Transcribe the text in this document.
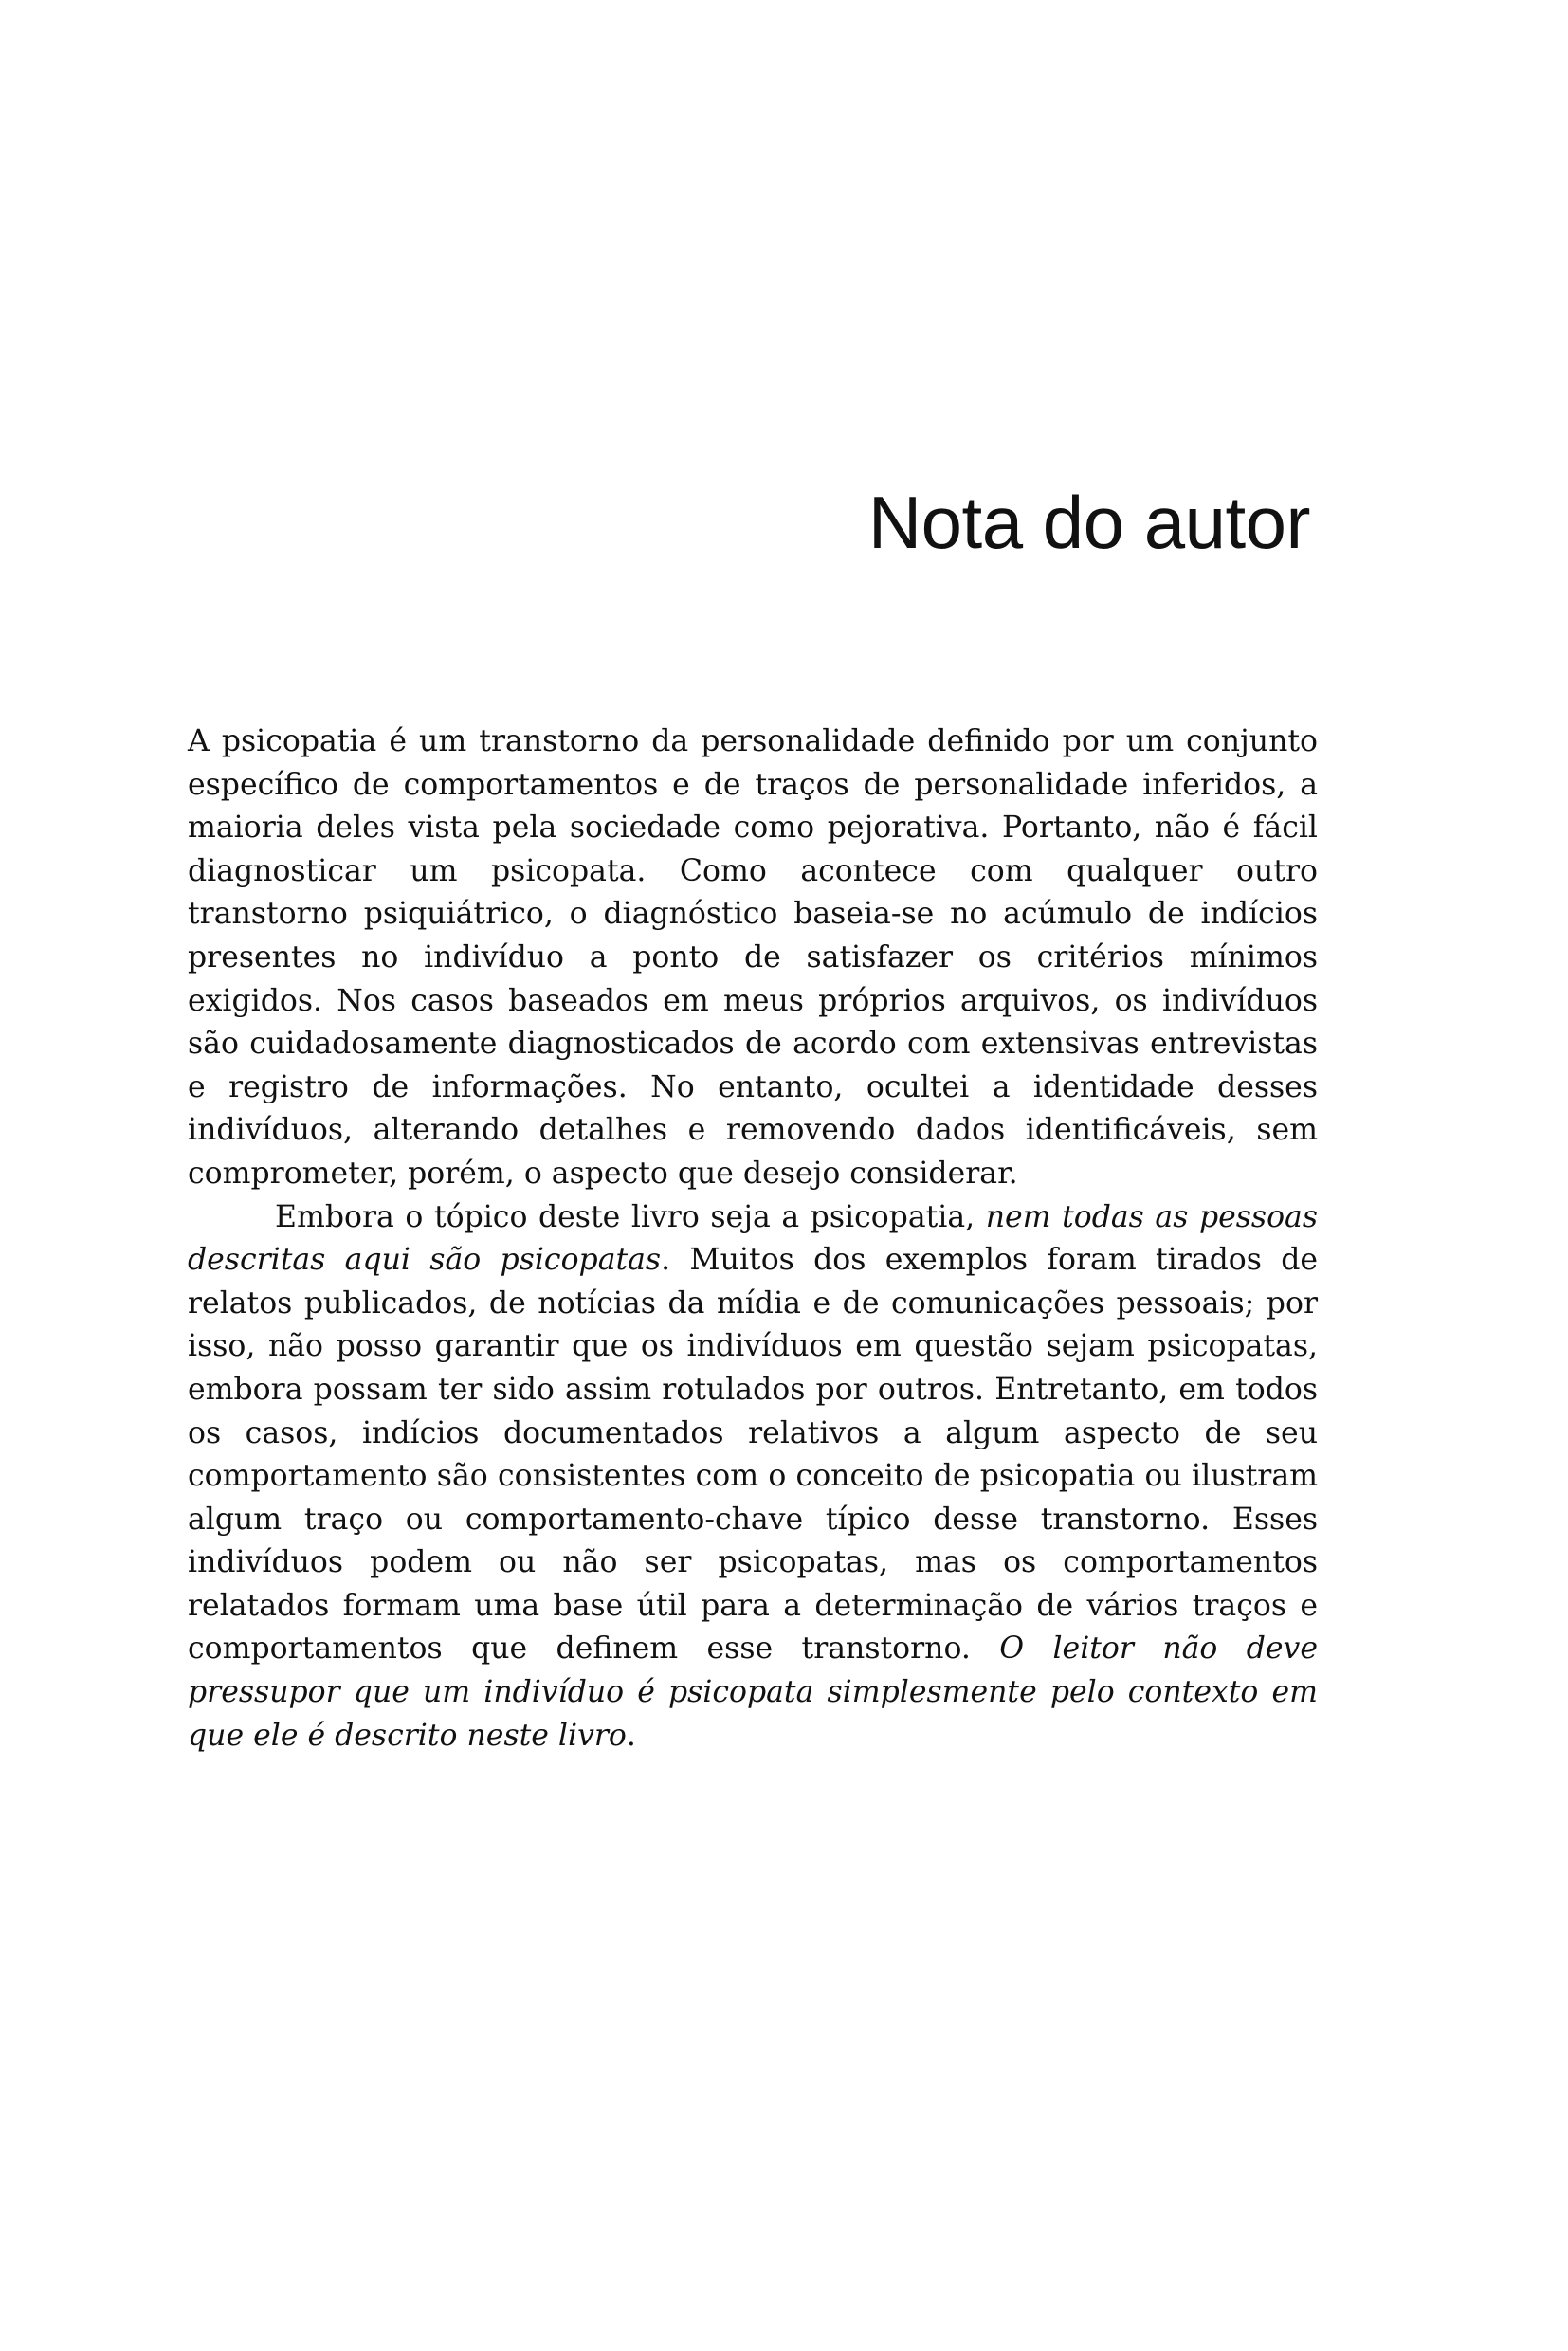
Nota do autor

A psicopatia é um transtorno da personalidade definido por um conjunto específico de comportamentos e de traços de personalidade inferidos, a maioria deles vista pela sociedade como pejorativa. Portanto, não é fácil diagnosticar um psicopata. Como acontece com qualquer outro transtorno psiquiátrico, o diagnóstico baseia-se no acúmulo de indícios presentes no indivíduo a ponto de satisfazer os critérios mínimos exigidos. Nos casos baseados em meus próprios arquivos, os indivíduos são cuidadosamente diagnosticados de acordo com extensivas entrevistas e registro de informações. No entanto, ocultei a identidade desses indivíduos, alterando detalhes e removendo dados identificáveis, sem comprometer, porém, o aspecto que desejo considerar.

Embora o tópico deste livro seja a psicopatia, nem todas as pessoas descritas aqui são psicopatas. Muitos dos exemplos foram tirados de relatos publicados, de notícias da mídia e de comunicações pessoais; por isso, não posso garantir que os indivíduos em questão sejam psicopatas, embora possam ter sido assim rotulados por outros. Entretanto, em todos os casos, indícios documentados relativos a algum aspecto de seu comportamento são consistentes com o conceito de psicopatia ou ilustram algum traço ou comportamento-chave típico desse transtorno. Esses indivíduos podem ou não ser psicopatas, mas os comportamentos relatados formam uma base útil para a determinação de vários traços e comportamentos que definem esse transtorno. O leitor não deve pressupor que um indivíduo é psicopata simplesmente pelo contexto em que ele é descrito neste livro.
